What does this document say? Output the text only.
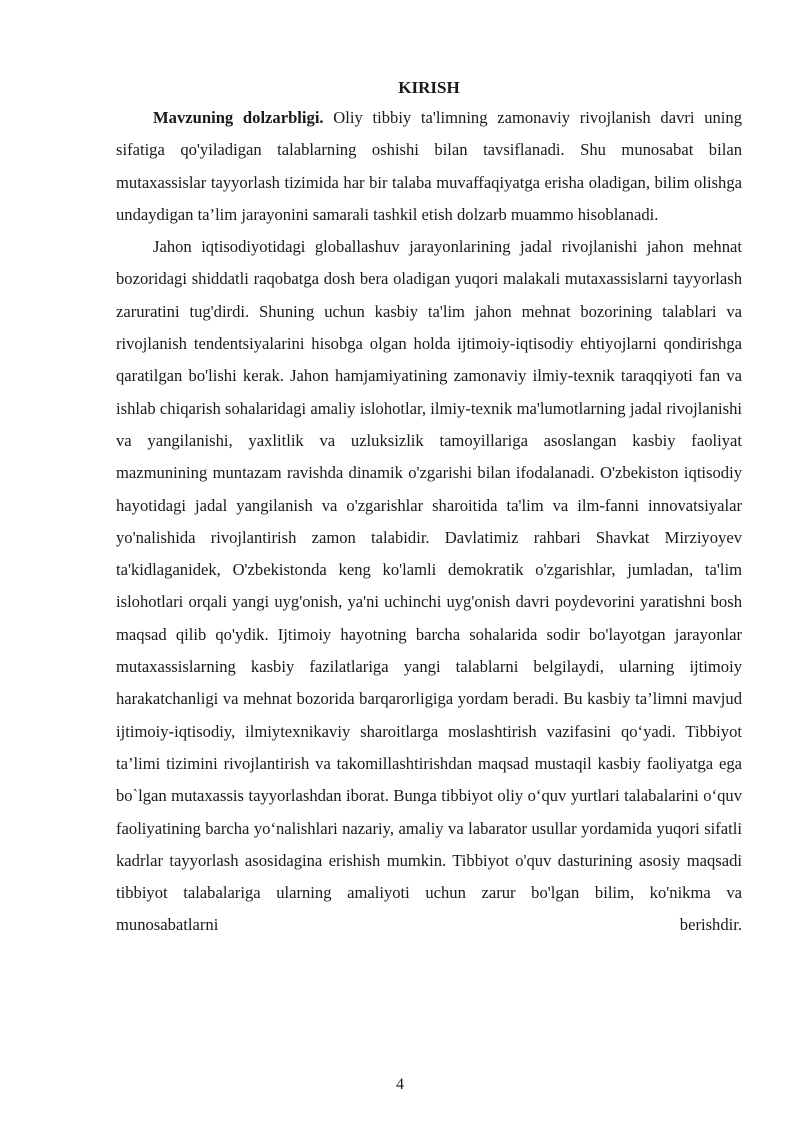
KIRISH

Mavzuning dolzarbligi. Oliy tibbiy ta'limning zamonaviy rivojlanish davri uning sifatiga qo'yiladigan talablarning oshishi bilan tavsiflanadi. Shu munosabat bilan mutaxassislar tayyorlash tizimida har bir talaba muvaffaqiyatga erisha oladigan, bilim olishga undaydigan ta’lim jarayonini samarali tashkil etish dolzarb muammo hisoblanadi.

Jahon iqtisodiyotidagi globallashuv jarayonlarining jadal rivojlanishi jahon mehnat bozoridagi shiddatli raqobatga dosh bera oladigan yuqori malakali mutaxassislarni tayyorlash zaruratini tug'dirdi. Shuning uchun kasbiy ta'lim jahon mehnat bozorining talablari va rivojlanish tendentsiyalarini hisobga olgan holda ijtimoiy-iqtisodiy ehtiyojlarni qondirishga qaratilgan bo'lishi kerak. Jahon hamjamiyatining zamonaviy ilmiy-texnik taraqqiyoti fan va ishlab chiqarish sohalaridagi amaliy islohotlar, ilmiy-texnik ma'lumotlarning jadal rivojlanishi va yangilanishi, yaxlitlik va uzluksizlik tamoyillariga asoslangan kasbiy faoliyat mazmunining muntazam ravishda dinamik o'zgarishi bilan ifodalanadi. O'zbekiston iqtisodiy hayotidagi jadal yangilanish va o'zgarishlar sharoitida ta'lim va ilm-fanni innovatsiyalar yo'nalishida rivojlantirish zamon talabidir. Davlatimiz rahbari Shavkat Mirziyoyev ta'kidlaganidek, O'zbekistonda keng ko'lamli demokratik o'zgarishlar, jumladan, ta'lim islohotlari orqali yangi uyg'onish, ya'ni uchinchi uyg'onish davri poydevorini yaratishni bosh maqsad qilib qo'ydik. Ijtimoiy hayotning barcha sohalarida sodir bo'layotgan jarayonlar mutaxassislarning kasbiy fazilatlariga yangi talablarni belgilaydi, ularning ijtimoiy harakatchanligi va mehnat bozorida barqarorligiga yordam beradi. Bu kasbiy ta’limni mavjud ijtimoiy-iqtisodiy, ilmiytexnikaviy sharoitlarga moslashtirish vazifasini qo‘yadi. Tibbiyot ta’limi tizimini rivojlantirish va takomillashtirishdan maqsad mustaqil kasbiy faoliyatga ega bo`lgan mutaxassis tayyorlashdan iborat. Bunga tibbiyot oliy o‘quv yurtlari talabalarini o‘quv faoliyatining barcha yo‘nalishlari nazariy, amaliy va labarator usullar yordamida yuqori sifatli kadrlar tayyorlash asosidagina erishish mumkin. Tibbiyot o'quv dasturining asosiy maqsadi tibbiyot talabalariga ularning amaliyoti uchun zarur bo'lgan bilim, ko'nikma va munosabatlarni berishdir.

4
